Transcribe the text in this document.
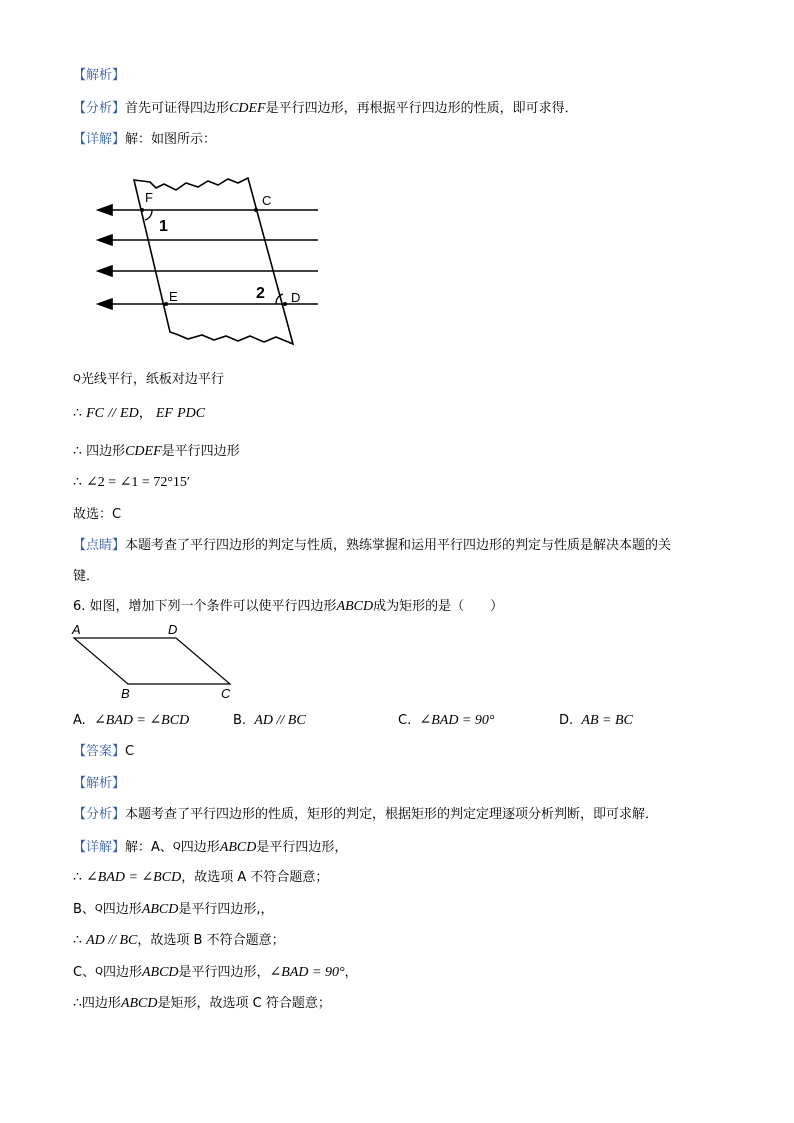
【解析】
【分析】首先可证得四边形CDEF是平行四边形，再根据平行四边形的性质，即可求得．
【详解】解：如图所示：
F	C
E	D
1
2
Q光线平行，纸板对边平行
∴ FC // ED， EF PDC
∴ 四边形CDEF是平行四边形
∴ ∠2 = ∠1 = 72°15′
故选：C
【点睛】本题考查了平行四边形的判定与性质，熟练掌握和运用平行四边形的判定与性质是解决本题的关
键．
6. 如图，增加下列一个条件可以使平行四边形ABCD成为矩形的是（　　）
A	D
B	C
A. ∠BAD = ∠BCD	B. AD // BC	C. ∠BAD = 90°	D. AB = BC
【答案】C
【解析】
【分析】本题考查了平行四边形的性质，矩形的判定，根据矩形的判定定理逐项分析判断，即可求解．
【详解】解：A、Q四边形ABCD是平行四边形，
∴ ∠BAD = ∠BCD，故选项 A 不符合题意；
B、Q四边形ABCD是平行四边形,，
∴ AD // BC，故选项 B 不符合题意；
C、Q四边形ABCD是平行四边形，∠BAD = 90°，
∴四边形ABCD是矩形，故选项 C 符合题意；
